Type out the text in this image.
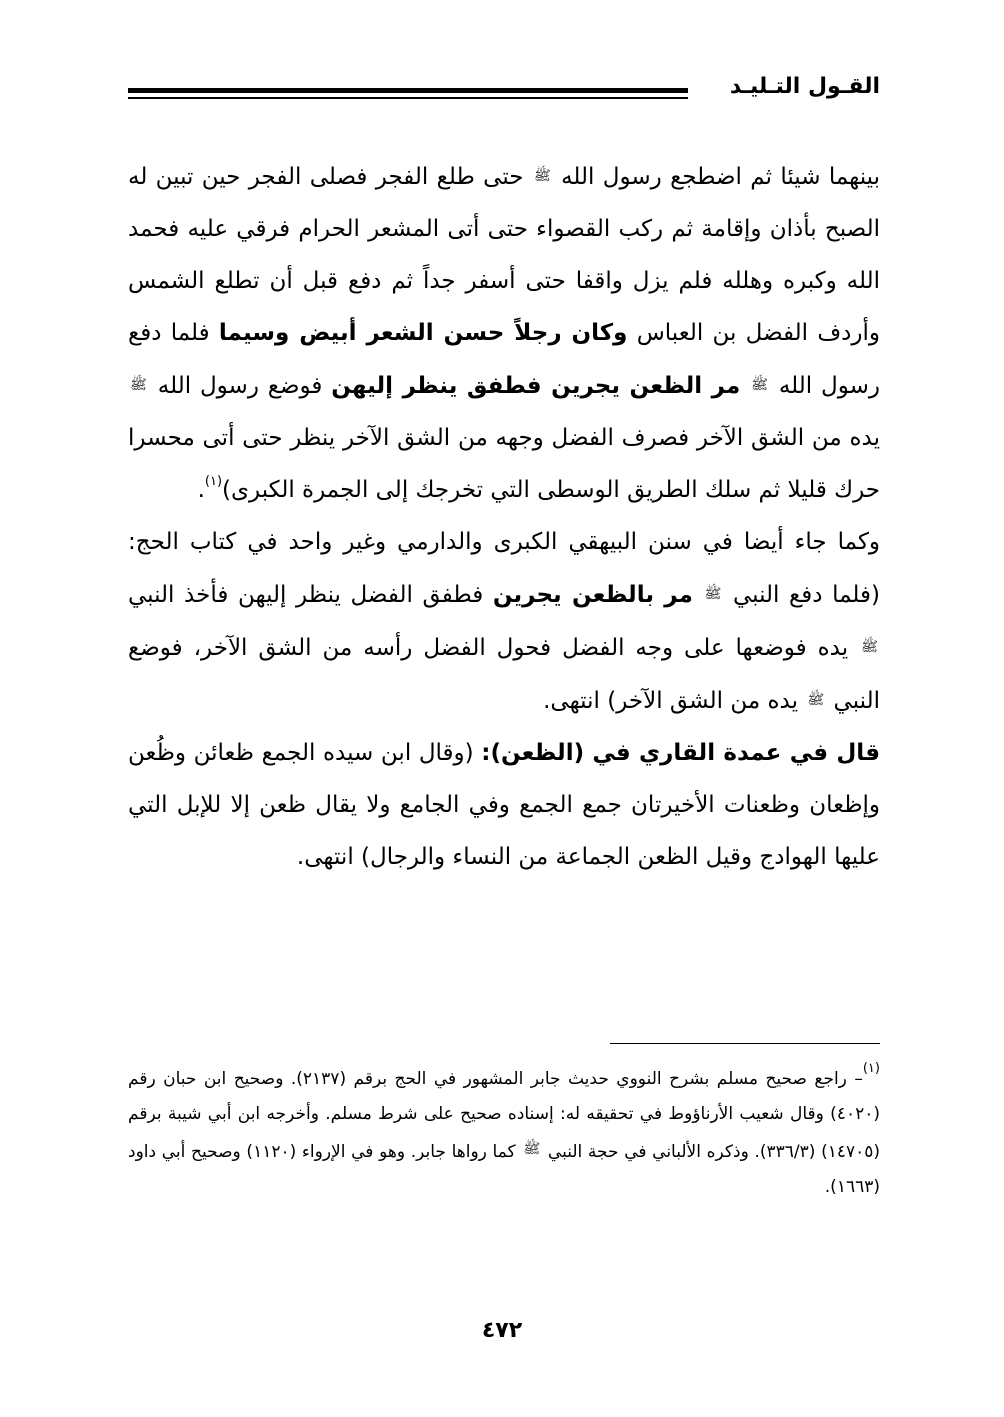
القـول التـليـد

بينهما شيئا ثم اضطجع رسول الله ﷺ حتى طلع الفجر فصلى الفجر حين تبين له الصبح بأذان وإقامة ثم ركب القصواء حتى أتى المشعر الحرام فرقي عليه فحمد الله وكبره وهلله فلم يزل واقفا حتى أسفر جداً ثم دفع قبل أن تطلع الشمس وأردف الفضل بن العباس وكان رجلاً حسن الشعر أبيض وسيما فلما دفع رسول الله ﷺ مر الظعن يجرين فطفق ينظر إليهن فوضع رسول الله ﷺ يده من الشق الآخر فصرف الفضل وجهه من الشق الآخر ينظر حتى أتى محسرا حرك قليلا ثم سلك الطريق الوسطى التي تخرجك إلى الجمرة الكبرى)$^{(١)}$.

وكما جاء أيضا في سنن البيهقي الكبرى والدارمي وغير واحد في كتاب الحج: (فلما دفع النبي ﷺ مر بالظعن يجرين فطفق الفضل ينظر إليهن فأخذ النبي ﷺ يده فوضعها على وجه الفضل فحول الفضل رأسه من الشق الآخر، فوضع النبي ﷺ يده من الشق الآخر) انتهى.

قال في عمدة القاري في (الظعن): (وقال ابن سيده الجمع ظعائن وظُعن وإظعان وظعنات الأخيرتان جمع الجمع وفي الجامع ولا يقال ظعن إلا للإبل التي عليها الهوادج وقيل الظعن الجماعة من النساء والرجال) انتهى.

$^{(١)}$– راجع صحيح مسلم بشرح النووي حديث جابر المشهور في الحج برقم (٢١٣٧). وصحيح ابن حبان رقم (٤٠٢٠) وقال شعيب الأرناؤوط في تحقيقه له: إسناده صحيح على شرط مسلم. وأخرجه ابن أبي شيبة برقم (١٤٧٠٥) (٣٣٦/٣). وذكره الألباني في حجة النبي $^ﷺ$ كما رواها جابر. وهو في الإرواء (١١٢٠) وصحيح أبي داود (١٦٦٣).

٤٧٢
